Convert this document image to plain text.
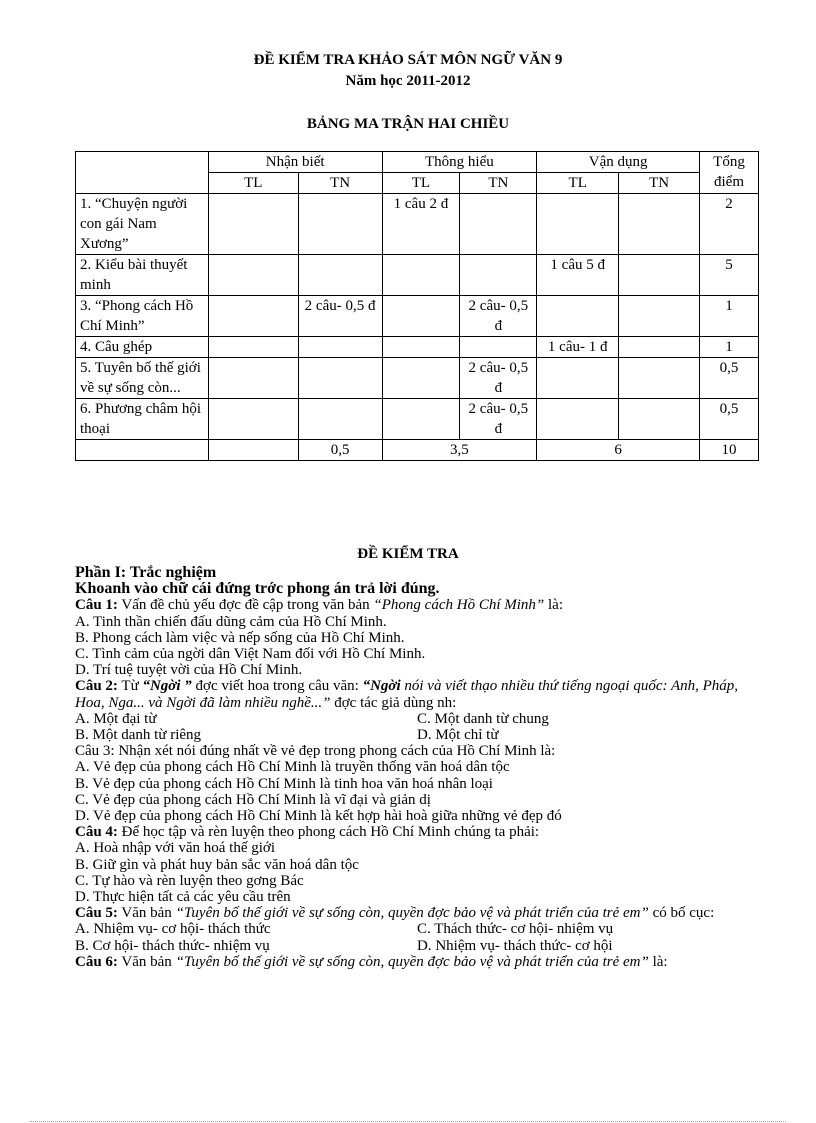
ĐỀ KIỂM TRA KHẢO SÁT MÔN NGỮ VĂN 9
Năm học 2011-2012
BẢNG MA TRẬN HAI CHIỀU
	Nhận biết		Thông hiểu		Vận dụng		Tổng điểm
	TL	TN	TL	TN	TL	TN	
1. “Chuyện người con gái Nam Xương”			1 câu 2 đ				2
2. Kiểu bài thuyết minh					1 câu 5 đ		5
3. “Phong cách Hồ Chí Minh”		2 câu- 0,5 đ		2 câu- 0,5 đ			1
4. Câu ghép					1 câu- 1 đ		1
5. Tuyên bố thế giới về sự sống còn...				2 câu- 0,5 đ			0,5
6. Phương châm hội thoại				2 câu- 0,5 đ			0,5
		0,5	3,5		6		10
ĐỀ KIỂM TRA

Phần I: Trắc nghiệm

Khoanh vào chữ cái đứng trớc phong án trả lời đúng.

Câu 1: Vấn đề chủ yếu đợc đề cập trong văn bản “Phong cách Hồ Chí Minh” là:

A. Tinh thần chiến đấu dũng cảm của Hồ Chí Minh.

B. Phong cách làm việc và nếp sống của Hồ Chí Minh.

C. Tình cảm của ngời dân Việt Nam đối với Hồ Chí Minh.

D. Trí tuệ tuyệt vời của Hồ Chí Minh.

Câu 2: Từ “Ngời ” đợc viết hoa trong câu văn: “Ngời nói và viết thạo nhiều thứ tiếng ngoại quốc: Anh, Pháp, Hoa, Nga... và Ngời đã làm nhiều nghề...” đợc tác giả dùng nh:

A. Một đại từ	C. Một danh từ chung
B. Một danh từ riêng	D. Một chỉ từ

Câu 3: Nhận xét nói đúng nhất về vẻ đẹp trong phong cách của Hồ Chí Minh là:

A. Vẻ đẹp của phong cách Hồ Chí Minh là truyền thống văn hoá dân tộc

B. Vẻ đẹp của phong cách Hồ Chí Minh là tinh hoa văn hoá nhân loại

C. Vẻ đẹp của phong cách Hồ Chí Minh là vĩ đại và giản dị

D. Vẻ đẹp của phong cách Hồ Chí Minh là kết hợp hài hoà giữa những vẻ đẹp đó

Câu 4: Để học tập và rèn luyện theo phong cách Hồ Chí Minh chúng ta phải:

A. Hoà nhập với văn hoá thế giới

B. Giữ gìn và phát huy bản sắc văn hoá dân tộc

C. Tự hào và rèn luyện theo gơng Bác

D. Thực hiện tất cả các yêu cầu trên

Câu 5: Văn bản “Tuyên bố thế giới về sự sống còn, quyền đợc bảo vệ và phát triển của trẻ em” có bố cục:

A. Nhiệm vụ- cơ hội- thách thức	C. Thách thức- cơ hội- nhiệm vụ
B. Cơ hội- thách thức- nhiệm vụ	D. Nhiệm vụ- thách thức- cơ hội

Câu 6: Văn bản “Tuyên bố thế giới về sự sống còn, quyền đợc bảo vệ và phát triển của trẻ em” là:
